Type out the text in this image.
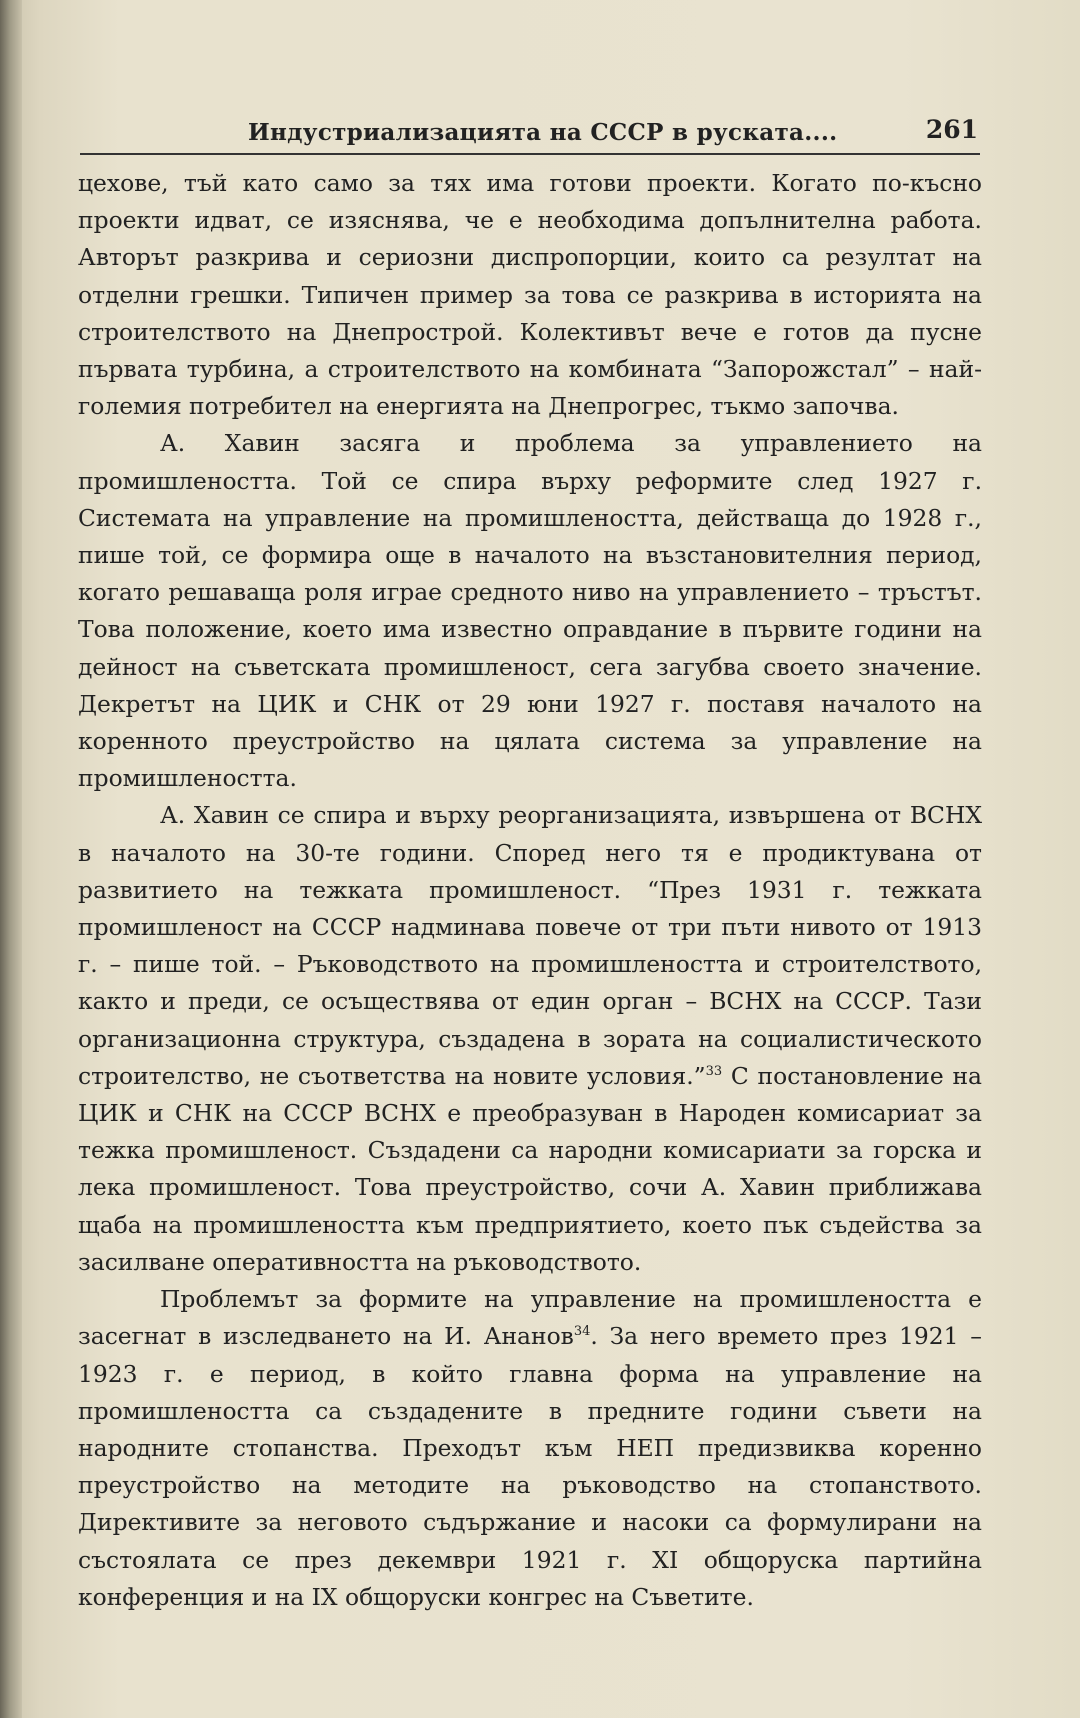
Индустриализацията на СССР в руската....	261

цехове, тъй като само за тях има готови проекти. Когато по-късно проекти идват, се изяснява, че е необходима допълнителна работа. Авторът разкрива и сериозни диспропорции, които са резултат на отделни грешки. Типичен пример за това се разкрива в историята на строителството на Днепрострой. Колективът вече е готов да пусне първата турбина, а строителството на комбината “Запорожстал” – най-големия потребител на енергията на Днепрогрес, тъкмо започва.

А. Хавин засяга и проблема за управлението на промишлеността. Той се спира върху реформите след 1927 г. Системата на управление на промишлеността, действаща до 1928 г., пише той, се формира още в началото на възстановителния период, когато решаваща роля играе средното ниво на управлението – тръстът. Това положение, което има известно оправдание в първите години на дейност на съветската промишленост, сега загубва своето значение. Декретът на ЦИК и СНК от 29 юни 1927 г. поставя началото на коренното преустройство на цялата система за управление на промишлеността.

А. Хавин се спира и върху реорганизацията, извършена от ВСНХ в началото на 30-те години. Според него тя е продиктувана от развитието на тежката промишленост. “През 1931 г. тежката промишленост на СССР надминава повече от три пъти нивото от 1913 г. – пише той. – Ръководството на промишлеността и строителството, както и преди, се осъществява от един орган – ВСНХ на СССР. Тази организационна структура, създадена в зората на социалистическото строителство, не съответства на новите условия.”$^{33}$ С постановление на ЦИК и СНК на СССР ВСНХ е преобразуван в Народен комисариат за тежка промишленост. Създадени са народни комисариати за горска и лека промишленост. Това преустройство, сочи А. Хавин приближава щаба на промишлеността към предприятието, което пък съдейства за засилване оперативността на ръководството.

Проблемът за формите на управление на промишлеността е засегнат в изследването на И. Ананов$^{34}$. За него времето през 1921 – 1923 г. е период, в който главна форма на управление на промишлеността са създадените в предните години съвети на народните стопанства. Преходът към НЕП предизвиква коренно преустройство на методите на ръководство на стопанството. Директивите за неговото съдържание и насоки са формулирани на състоялата се през декември 1921 г. XI общоруска партийна конференция и на IX общоруски конгрес на Съветите.
